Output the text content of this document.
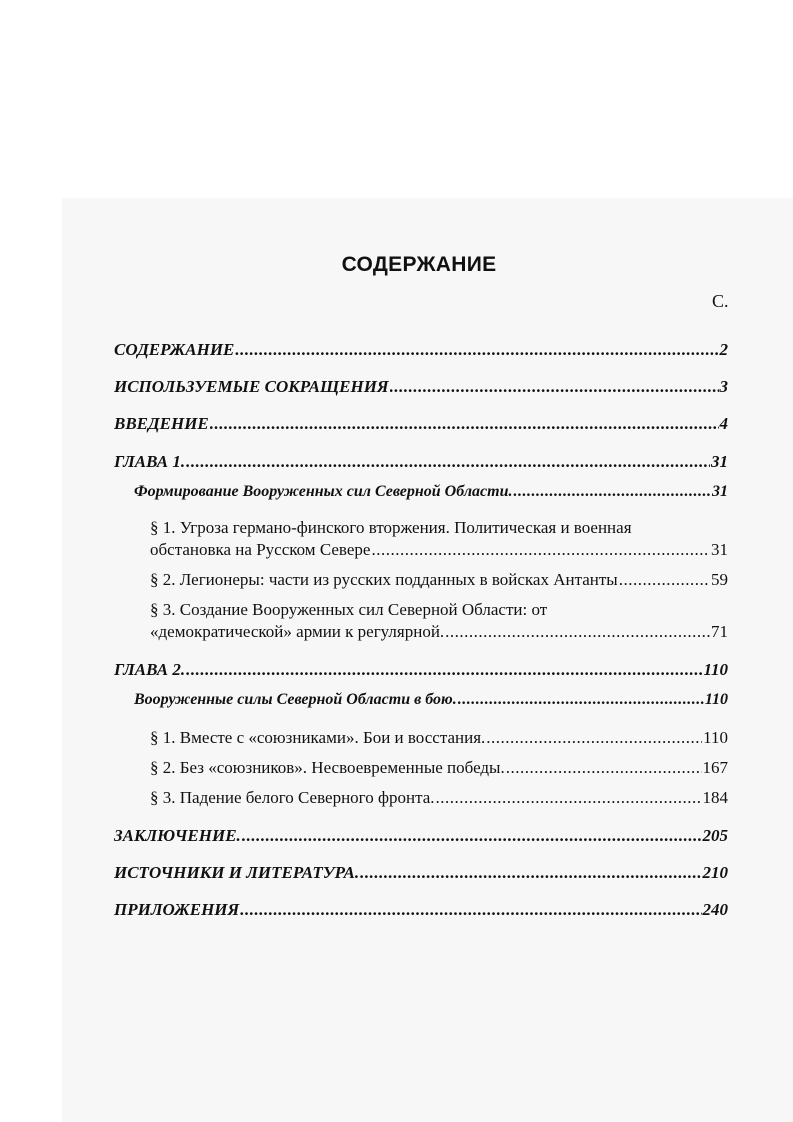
СОДЕРЖАНИЕ
С.
СОДЕРЖАНИЕ .....	2
ИСПОЛЬЗУЕМЫЕ СОКРАЩЕНИЯ .....	3
ВВЕДЕНИЕ .....	4
ГЛАВА 1. .....	31
Формирование Вооруженных сил Северной Области. .....	31
§ 1. Угроза германо-финского вторжения. Политическая и военная
обстановка на Русском Севере .....	31
§ 2. Легионеры: части из русских подданных в войсках Антанты .....	59
§ 3. Создание Вооруженных сил Северной Области: от
«демократической» армии к регулярной. .....	71
ГЛАВА 2. .....	110
Вооруженные силы Северной Области в бою. .....	110
§ 1. Вместе с «союзниками». Бои и восстания. .....	110
§ 2. Без «союзников». Несвоевременные победы. .....	167
§ 3. Падение белого Северного фронта. .....	184
ЗАКЛЮЧЕНИЕ. .....	205
ИСТОЧНИКИ И ЛИТЕРАТУРА. .....	210
ПРИЛОЖЕНИЯ .....	240
